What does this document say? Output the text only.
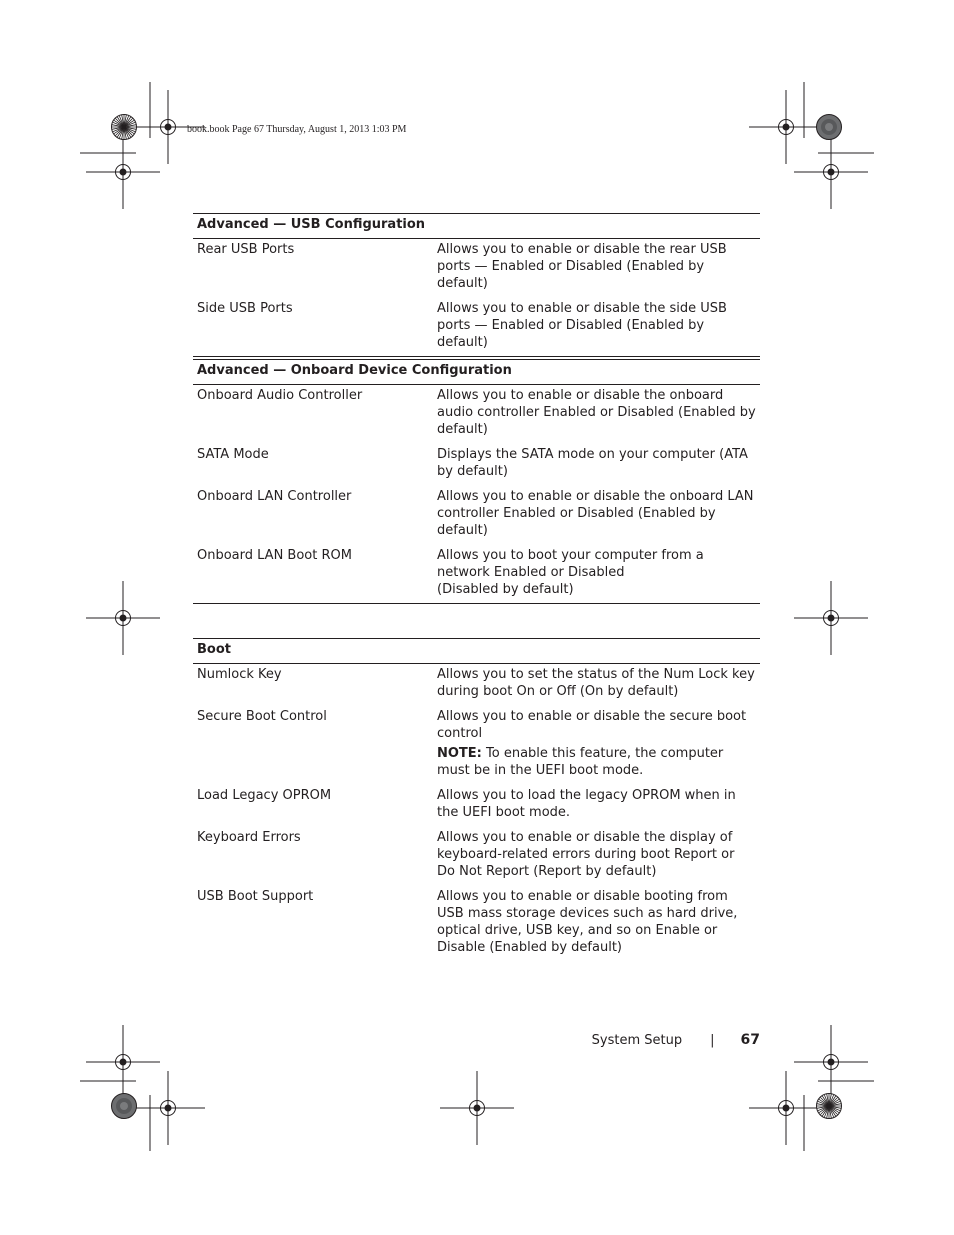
book.book Page 67 Thursday, August 1, 2013 1:03 PM
Advanced — USB Configuration	
Rear USB Ports	Allows you to enable or disable the rear USB ports — Enabled or Disabled (Enabled by default)
Side USB Ports	Allows you to enable or disable the side USB ports — Enabled or Disabled (Enabled by default)
Advanced — Onboard Device Configuration	
Onboard Audio Controller	Allows you to enable or disable the onboard audio controller Enabled or Disabled (Enabled by default)
SATA Mode	Displays the SATA mode on your computer (ATA by default)
Onboard LAN Controller	Allows you to enable or disable the onboard LAN controller Enabled or Disabled (Enabled by default)
Onboard LAN Boot ROM	Allows you to boot your computer from a network Enabled or Disabled
(Disabled by default)
Boot	
Numlock Key	Allows you to set the status of the Num Lock key during boot On or Off (On by default)
Secure Boot Control	Allows you to enable or disable the secure boot control
NOTE: To enable this feature, the computer must be in the UEFI boot mode.

Load Legacy OPROM	Allows you to load the legacy OPROM when in the UEFI boot mode.
Keyboard Errors	Allows you to enable or disable the display of keyboard-related errors during boot Report or Do Not Report (Report by default)
USB Boot Support	Allows you to enable or disable booting from USB mass storage devices such as hard drive, optical drive, USB key, and so on Enable or Disable (Enabled by default)
System Setup | 67
